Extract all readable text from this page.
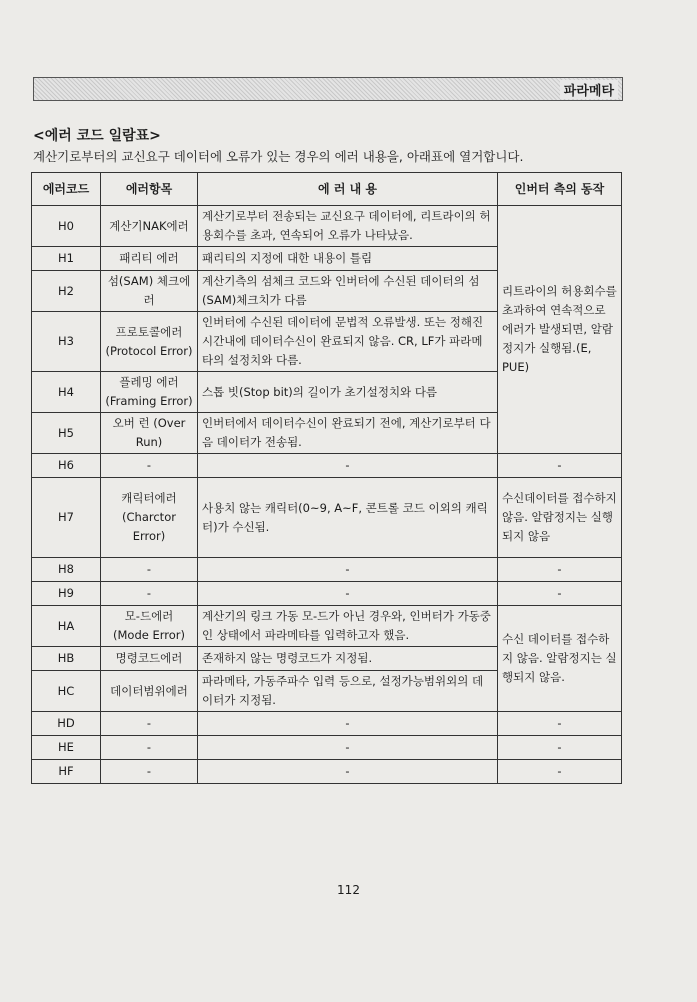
파라메타
<에러 코드 일람표>
계산기로부터의 교신요구 데이터에 오류가 있는 경우의 에러 내용을, 아래표에 열거합니다.
에러코드	에러항목	에 러 내 용	인버터 측의 동작
H0	계산기NAK에러	계산기로부터 전송되는 교신요구 데이터에, 리트라이의 허용회수를 초과, 연속되어 오류가 나타났음.	리트라이의 허용회수를 초과하여 연속적으로 에러가 발생되면, 알람정지가 실행됨.(E, PUE)
H1	패리티 에러	패리티의 지정에 대한 내용이 틀림	
H2	섬(SAM) 체크에러	계산기측의 섬체크 코드와 인버터에 수신된 데이터의 섬(SAM)체크치가 다름	
H3	프로토콜에러 (Protocol Error)	인버터에 수신된 데이터에 문법적 오류발생. 또는 정해진 시간내에 데이터수신이 완료되지 않음. CR, LF가 파라메타의 설정치와 다름.	
H4	플레밍 에러 (Framing Error)	스톱 빗(Stop bit)의 길이가 초기설정치와 다름	
H5	오버 런 (Over Run)	인버터에서 데이터수신이 완료되기 전에, 계산기로부터 다음 데이터가 전송됨.	
H6	-	-	-
H7	캐릭터에러 (Charctor Error)	사용치 않는 캐릭터(0~9, A~F, 콘트롤 코드 이외의 캐릭터)가 수신됨.	수신데이터를 접수하지 않음. 알람정지는 실행되지 않음
H8	-	-	-
H9	-	-	-
HA	모-드에러 (Mode Error)	계산기의 링크 가동 모-드가 아닌 경우와, 인버터가 가동중인 상태에서 파라메타를 입력하고자 했음.	수신 데이터를 접수하지 않음. 알람정지는 실행되지 않음.
HB	명령코드에러	존재하지 않는 명령코드가 지정됨.	
HC	데이터범위에러	파라메타, 가동주파수 입력 등으로, 설정가능범위외의 데이터가 지정됨.	
HD	-	-	-
HE	-	-	-
HF	-	-	-
112
